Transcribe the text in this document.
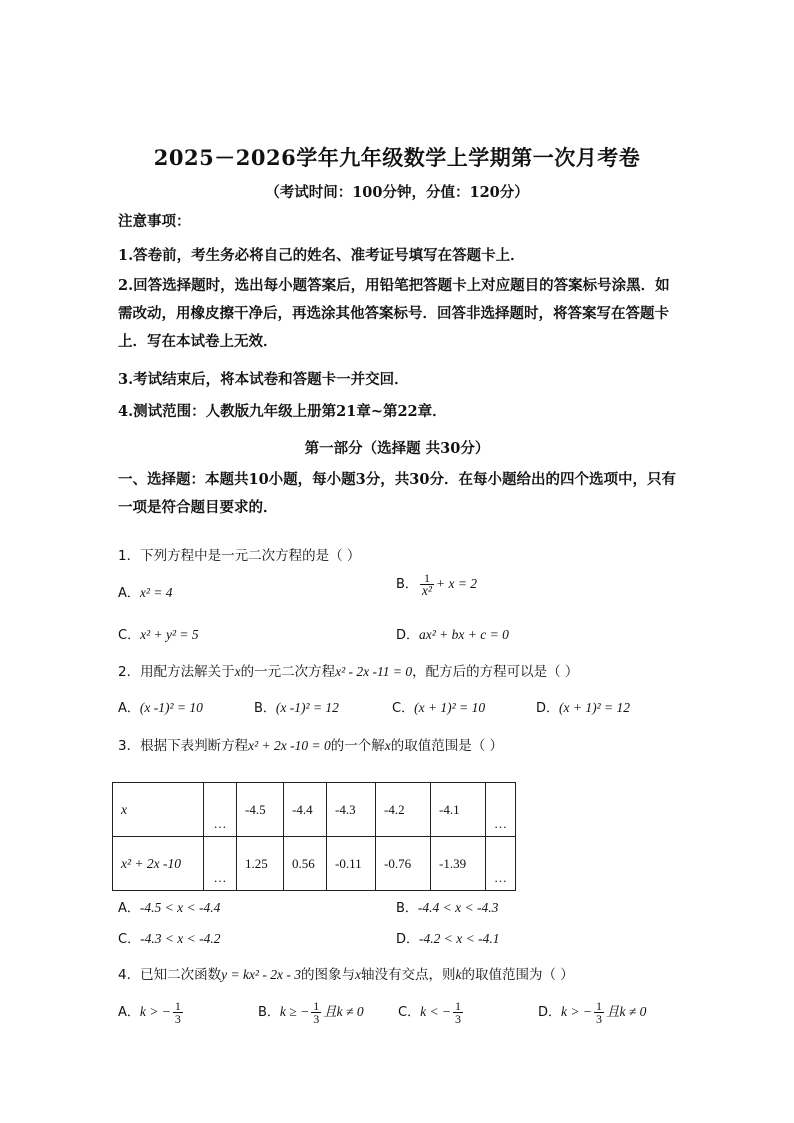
2025－2026学年九年级数学上学期第一次月考卷
（考试时间：100分钟，分值：120分）
注意事项：
1.答卷前，考生务必将自己的姓名、准考证号填写在答题卡上．
2.回答选择题时，选出每小题答案后，用铅笔把答题卡上对应题目的答案标号涂黑．如需改动，用橡皮擦干净后，再选涂其他答案标号．回答非选择题时，将答案写在答题卡上．写在本试卷上无效．
3.考试结束后，将本试卷和答题卡一并交回．
4.测试范围：人教版九年级上册第21章~第22章．
第一部分（选择题 共30分）
一、选择题：本题共10小题，每小题3分，共30分．在每小题给出的四个选项中，只有一项是符合题目要求的．
1．下列方程中是一元二次方程的是（ ）
A．x² = 4
B． $\frac{1}{\text{x²}} + x = 2$
C．x² + y² = 5	D．ax² + bx + c = 0
2．用配方法解关于x的一元二次方程x² - 2x -11 = 0，配方后的方程可以是（ ）
A．(x -1)² = 10	B．(x -1)² = 12	C．(x + 1)² = 10	D．(x + 1)² = 12
3．根据下表判断方程x² + 2x -10 = 0的一个解x的取值范围是（ ）
x	…	-4.5	-4.4	-4.3	-4.2	-4.1	…
x² + 2x -10	…	1.25	0.56	-0.11	-0.76	-1.39	…
A．-4.5 < x < -4.4	B．-4.4 < x < -4.3
C．-4.3 < x < -4.2	D．-4.2 < x < -4.1
4．已知二次函数y = kx² - 2x - 3的图象与x轴没有交点，则k的取值范围为（ ）
A．k > − $\frac{1}{3}$	B．k ≥ − $\frac{1}{3}$ 且k ≠ 0	C．k < − $\frac{1}{3}$	D．k > − $\frac{1}{3}$ 且k ≠ 0
